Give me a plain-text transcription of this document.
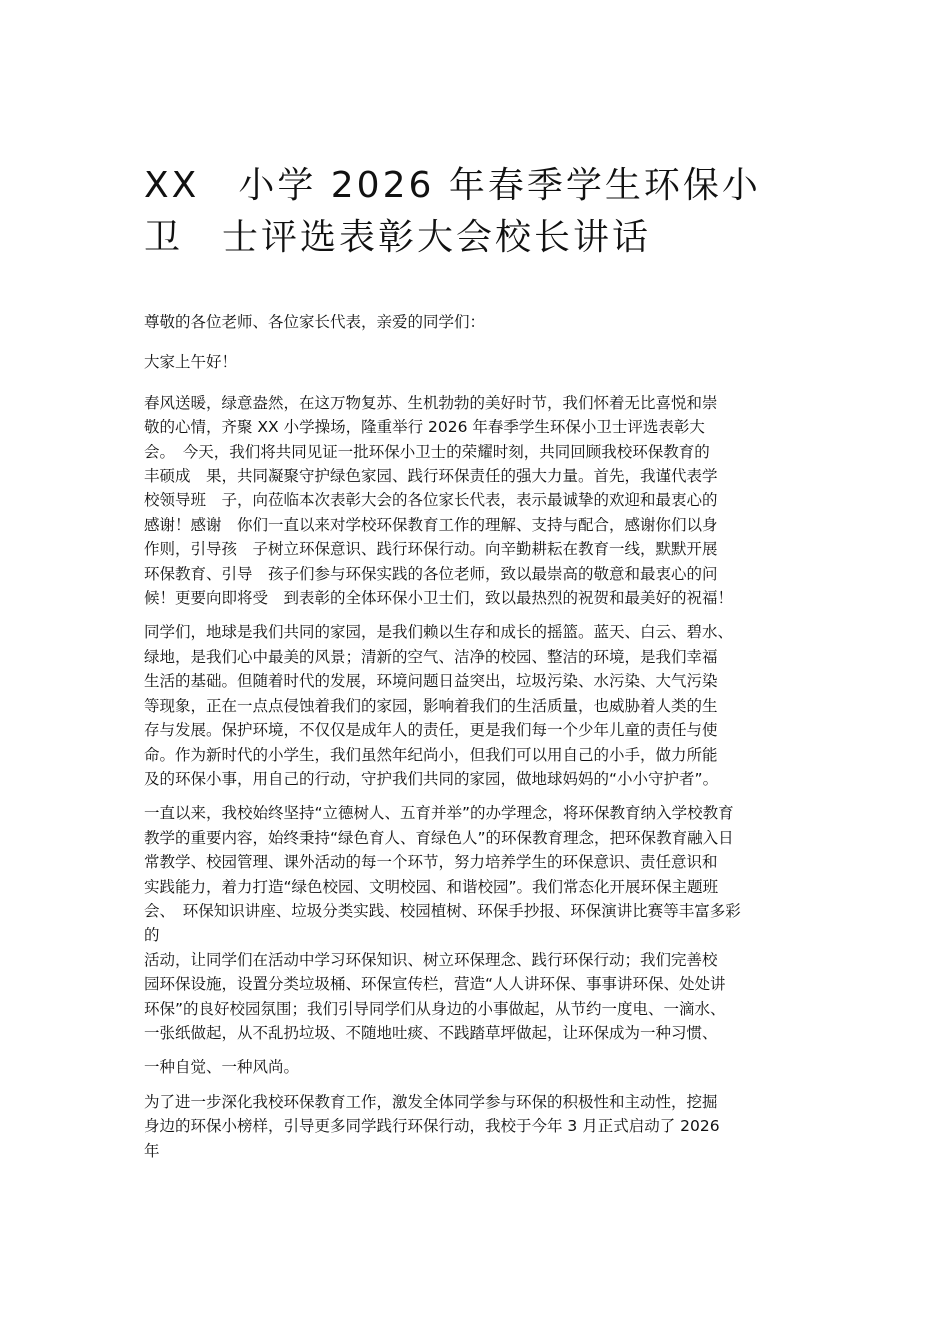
XX　小学 2026 年春季学生环保小
卫　士评选表彰大会校长讲话

尊敬的各位老师、各位家长代表，亲爱的同学们：

大家上午好！

春风送暖，绿意盎然，在这万物复苏、生机勃勃的美好时节，我们怀着无比喜悦和崇
敬的心情，齐聚 XX 小学操场，隆重举行 2026 年春季学生环保小卫士评选表彰大
会。　今天，我们将共同见证一批环保小卫士的荣耀时刻，共同回顾我校环保教育的
丰硕成　果，共同凝聚守护绿色家园、践行环保责任的强大力量。首先，我谨代表学
校领导班　子，向莅临本次表彰大会的各位家长代表，表示最诚挚的欢迎和最衷心的
感谢！感谢　你们一直以来对学校环保教育工作的理解、支持与配合，感谢你们以身
作则，引导孩　子树立环保意识、践行环保行动。向辛勤耕耘在教育一线，默默开展
环保教育、引导　孩子们参与环保实践的各位老师，致以最崇高的敬意和最衷心的问
候！更要向即将受　到表彰的全体环保小卫士们，致以最热烈的祝贺和最美好的祝福！

同学们，地球是我们共同的家园，是我们赖以生存和成长的摇篮。蓝天、白云、碧水、
绿地，是我们心中最美的风景；清新的空气、洁净的校园、整洁的环境，是我们幸福
生活的基础。但随着时代的发展，环境问题日益突出，垃圾污染、水污染、大气污染
等现象，正在一点点侵蚀着我们的家园，影响着我们的生活质量，也威胁着人类的生
存与发展。保护环境，不仅仅是成年人的责任，更是我们每一个少年儿童的责任与使
命。作为新时代的小学生，我们虽然年纪尚小，但我们可以用自己的小手，做力所能
及的环保小事，用自己的行动，守护我们共同的家园，做地球妈妈的“小小守护者”。

一直以来，我校始终坚持“立德树人、五育并举”的办学理念，将环保教育纳入学校教育
教学的重要内容，始终秉持“绿色育人、育绿色人”的环保教育理念，把环保教育融入日
常教学、校园管理、课外活动的每一个环节，努力培养学生的环保意识、责任意识和
实践能力，着力打造“绿色校园、文明校园、和谐校园”。我们常态化开展环保主题班
会、　环保知识讲座、垃圾分类实践、校园植树、环保手抄报、环保演讲比赛等丰富多彩
的
活动，让同学们在活动中学习环保知识、树立环保理念、践行环保行动；我们完善校
园环保设施，设置分类垃圾桶、环保宣传栏，营造“人人讲环保、事事讲环保、处处讲
环保”的良好校园氛围；我们引导同学们从身边的小事做起，从节约一度电、一滴水、
一张纸做起，从不乱扔垃圾、不随地吐痰、不践踏草坪做起，让环保成为一种习惯、

一种自觉、一种风尚。

为了进一步深化我校环保教育工作，激发全体同学参与环保的积极性和主动性，挖掘
身边的环保小榜样，引导更多同学践行环保行动，我校于今年 3 月正式启动了 2026
年
